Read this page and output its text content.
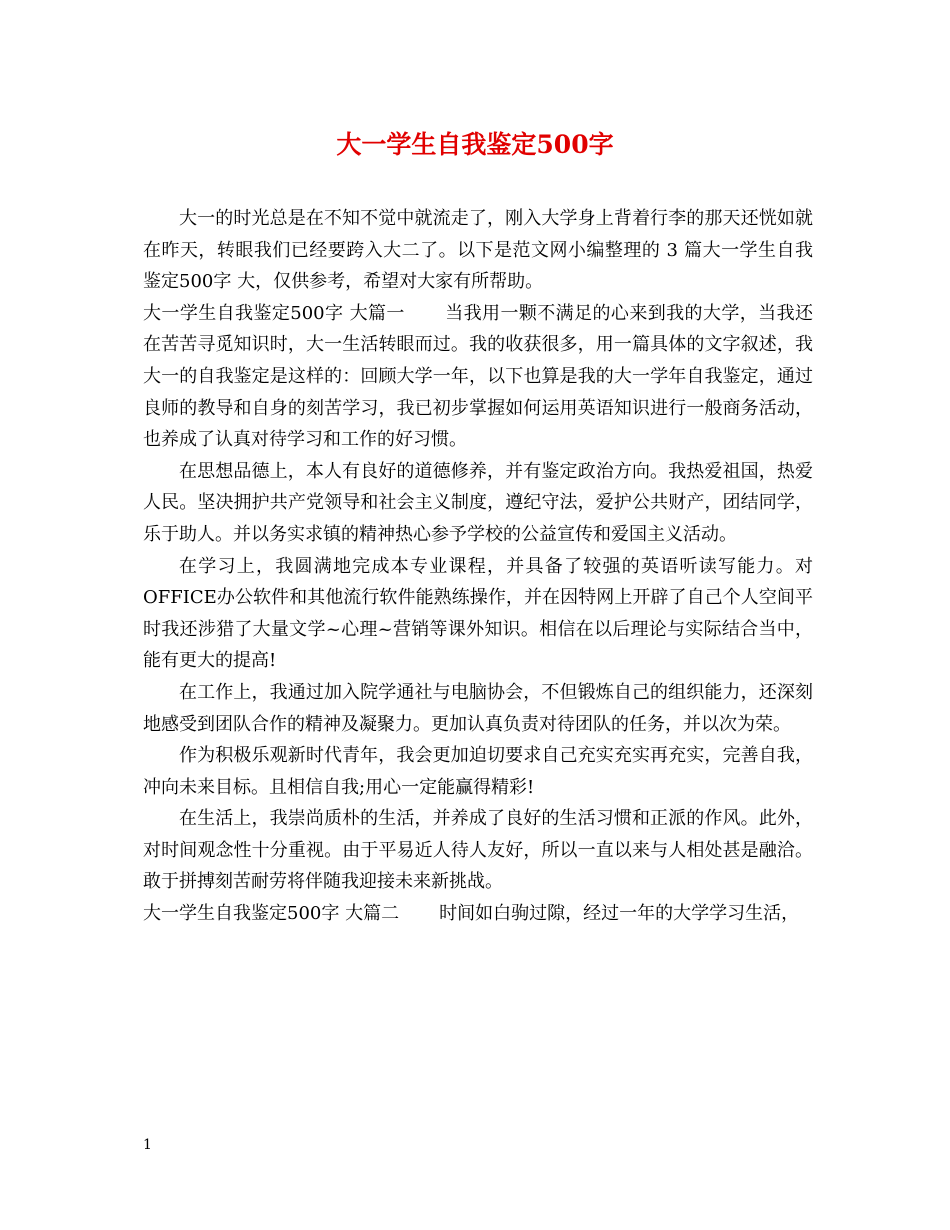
大一学生自我鉴定500字

大一的时光总是在不知不觉中就流走了，刚入大学身上背着行李的那天还恍如就在昨天，转眼我们已经要跨入大二了。以下是范文网小编整理的 3 篇大一学生自我鉴定500字 大，仅供参考，希望对大家有所帮助。

大一学生自我鉴定500字 大篇一 当我用一颗不满足的心来到我的大学，当我还在苦苦寻觅知识时，大一生活转眼而过。我的收获很多，用一篇具体的文字叙述，我大一的自我鉴定是这样的：回顾大学一年，以下也算是我的大一学年自我鉴定，通过良师的教导和自身的刻苦学习，我已初步掌握如何运用英语知识进行一般商务活动，也养成了认真对待学习和工作的好习惯。

在思想品德上，本人有良好的道德修养，并有鉴定政治方向。我热爱祖国，热爱人民。坚决拥护共产党领导和社会主义制度，遵纪守法，爱护公共财产，团结同学，乐于助人。并以务实求镇的精神热心参予学校的公益宣传和爱国主义活动。

在学习上，我圆满地完成本专业课程，并具备了较强的英语听读写能力。对OFFICE办公软件和其他流行软件能熟练操作，并在因特网上开辟了自己个人空间平时我还涉猎了大量文学~心理~营销等课外知识。相信在以后理论与实际结合当中，能有更大的提高!

在工作上，我通过加入院学通社与电脑协会，不但锻炼自己的组织能力，还深刻地感受到团队合作的精神及凝聚力。更加认真负责对待团队的任务，并以次为荣。

作为积极乐观新时代青年，我会更加迫切要求自己充实充实再充实，完善自我，冲向未来目标。且相信自我;用心一定能赢得精彩!

在生活上，我崇尚质朴的生活，并养成了良好的生活习惯和正派的作风。此外，对时间观念性十分重视。由于平易近人待人友好，所以一直以来与人相处甚是融洽。敢于拼搏刻苦耐劳将伴随我迎接未来新挑战。

大一学生自我鉴定500字 大篇二 时间如白驹过隙，经过一年的大学学习生活，

1
